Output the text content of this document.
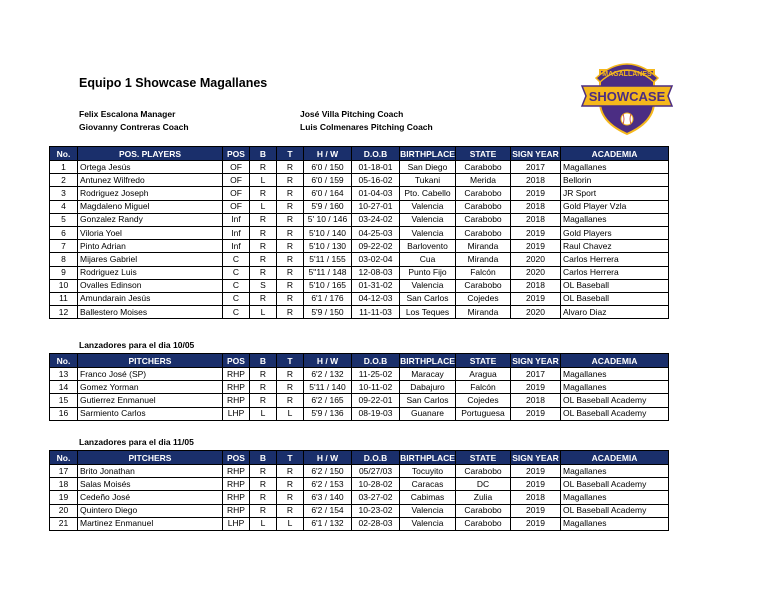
Equipo 1 Showcase Magallanes
Felix Escalona Manager
Giovanny Contreras Coach
José Villa Pitching Coach
Luis Colmenares Pitching Coach
MAGALLANES
SHOWCASE
No.	POS. PLAYERS	POS	B	T	H / W	D.O.B	BIRTHPLACE	STATE	SIGN YEAR	ACADEMIA
1	Ortega Jesús	OF	R	R	6'0 / 150	01-18-01	San Diego	Carabobo	2017	Magallanes
2	Antunez Wilfredo	OF	L	R	6'0 / 159	05-16-02	Tukani	Merida	2018	Bellorin
3	Rodriguez Joseph	OF	R	R	6'0 / 164	01-04-03	Pto. Cabello	Carabobo	2019	JR Sport
4	Magdaleno Miguel	OF	L	R	5'9 / 160	10-27-01	Valencia	Carabobo	2018	Gold Player Vzla
5	Gonzalez Randy	Inf	R	R	5' 10 / 146	03-24-02	Valencia	Carabobo	2018	Magallanes
6	Viloria Yoel	Inf	R	R	5'10 / 140	04-25-03	Valencia	Carabobo	2019	Gold Players
7	Pinto Adrian	Inf	R	R	5'10 / 130	09-22-02	Barlovento	Miranda	2019	Raul Chavez
8	Mijares Gabriel	C	R	R	5'11 / 155	03-02-04	Cua	Miranda	2020	Carlos Herrera
9	Rodriguez Luis	C	R	R	5''11 / 148	12-08-03	Punto Fijo	Falcón	2020	Carlos Herrera
10	Ovalles Edinson	C	S	R	5'10 / 165	01-31-02	Valencia	Carabobo	2018	OL Baseball
11	Amundarain Jesús	C	R	R	6'1 / 176	04-12-03	San Carlos	Cojedes	2019	OL Baseball
12	Ballestero Moises	C	L	R	5'9 / 150	11-11-03	Los Teques	Miranda	2020	Alvaro Diaz
Lanzadores para el dia 10/05
No.	PITCHERS	POS	B	T	H / W	D.O.B	BIRTHPLACE	STATE	SIGN YEAR	ACADEMIA
13	Franco José (SP)	RHP	R	R	6'2 / 132	11-25-02	Maracay	Aragua	2017	Magallanes
14	Gomez Yorman	RHP	R	R	5'11 / 140	10-11-02	Dabajuro	Falcón	2019	Magallanes
15	Gutierrez Enmanuel	RHP	R	R	6'2 / 165	09-22-01	San Carlos	Cojedes	2018	OL Baseball Academy
16	Sarmiento Carlos	LHP	L	L	5'9 / 136	08-19-03	Guanare	Portuguesa	2019	OL Baseball Academy
Lanzadores para el dia 11/05
No.	PITCHERS	POS	B	T	H / W	D.O.B	BIRTHPLACE	STATE	SIGN YEAR	ACADEMIA
17	Brito Jonathan	RHP	R	R	6'2 / 150	05/27/03	Tocuyito	Carabobo	2019	Magallanes
18	Salas Moisés	RHP	R	R	6'2 / 153	10-28-02	Caracas	DC	2019	OL Baseball Academy
19	Cedeño José	RHP	R	R	6'3 / 140	03-27-02	Cabimas	Zulia	2018	Magallanes
20	Quintero Diego	RHP	R	R	6'2 / 154	10-23-02	Valencia	Carabobo	2019	OL Baseball Academy
21	Martinez Enmanuel	LHP	L	L	6'1 / 132	02-28-03	Valencia	Carabobo	2019	Magallanes
